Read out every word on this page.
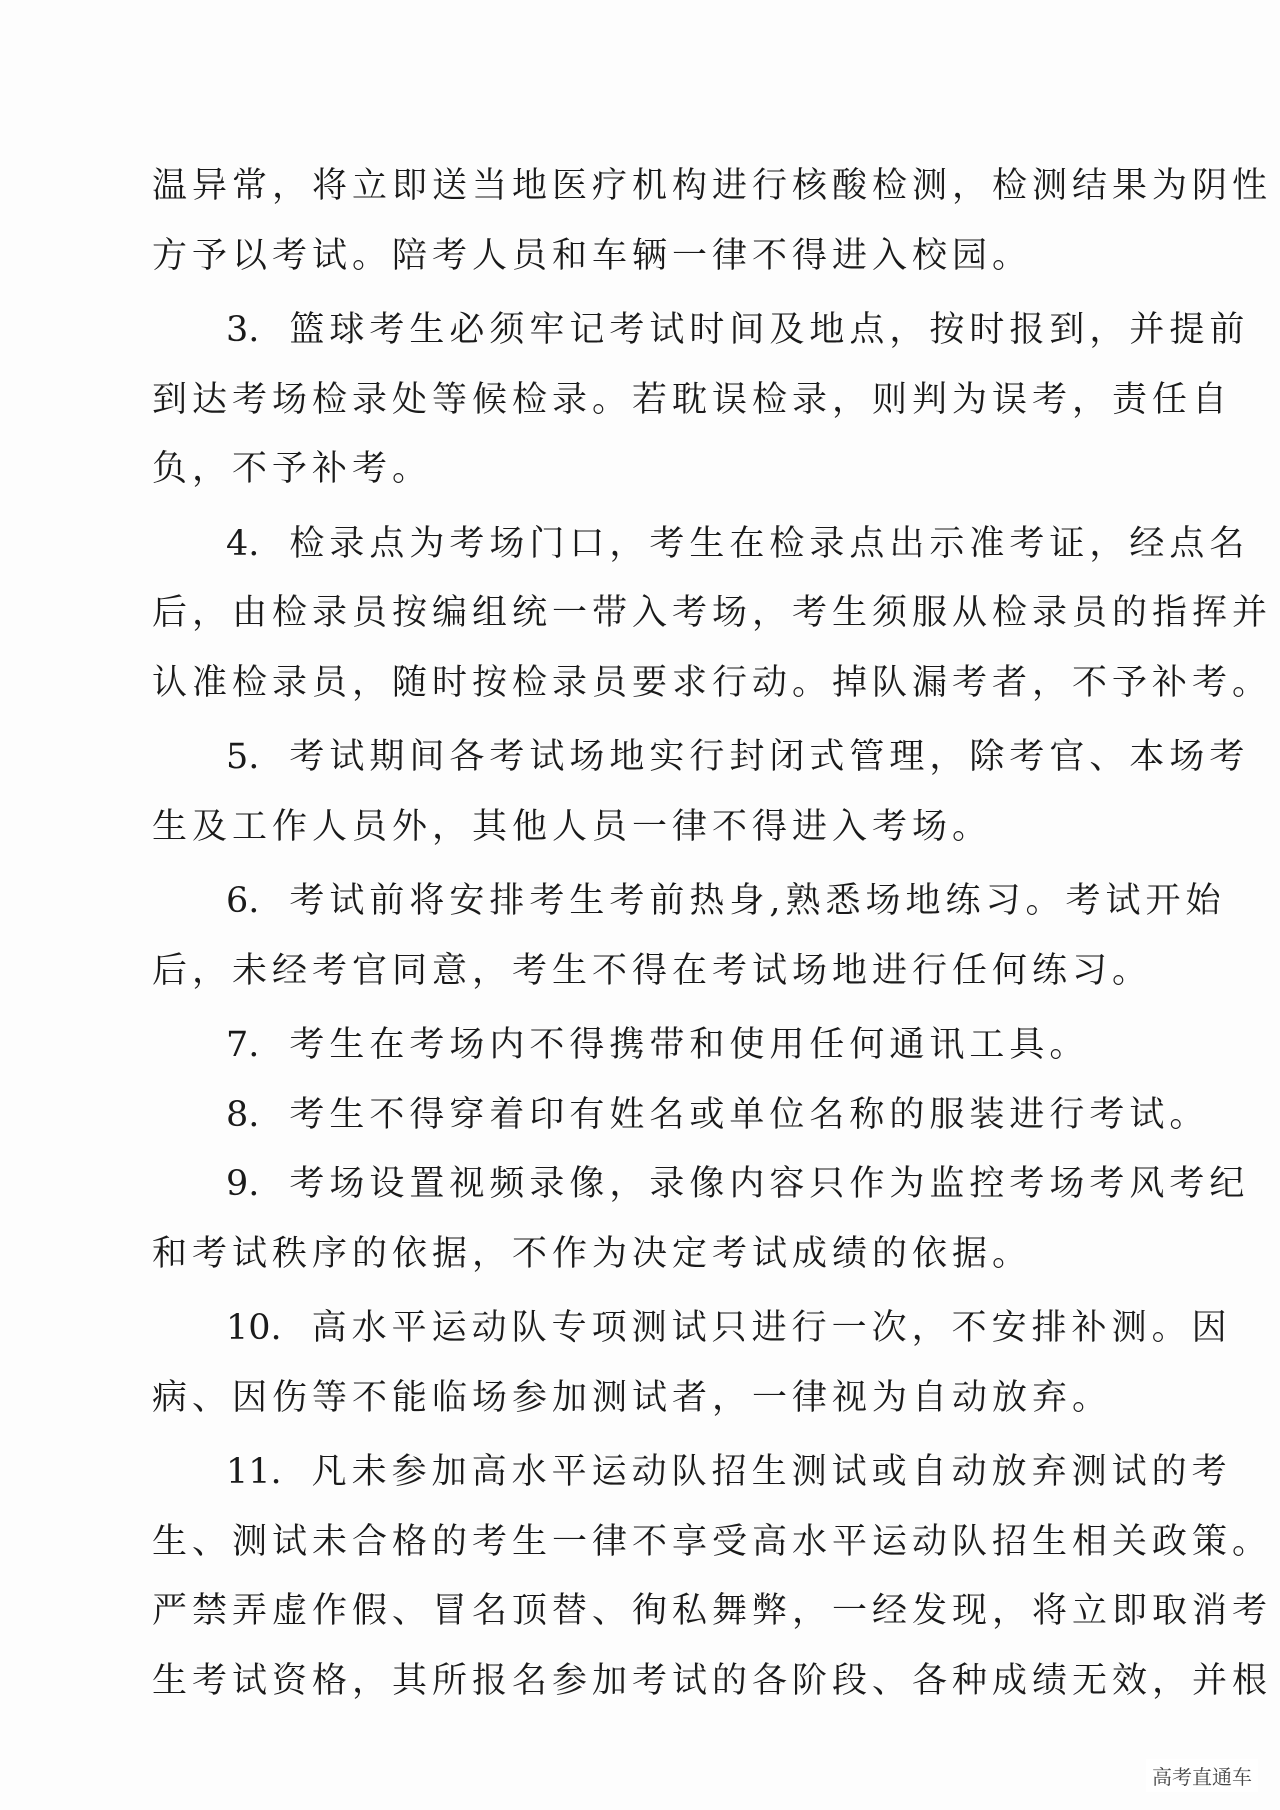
温异常，将立即送当地医疗机构进行核酸检测，检测结果为阴性
方予以考试。陪考人员和车辆一律不得进入校园。
3. 篮球考生必须牢记考试时间及地点，按时报到，并提前
到达考场检录处等候检录。若耽误检录，则判为误考，责任自
负，不予补考。
4. 检录点为考场门口，考生在检录点出示准考证，经点名
后，由检录员按编组统一带入考场，考生须服从检录员的指挥并
认准检录员，随时按检录员要求行动。掉队漏考者，不予补考。
5. 考试期间各考试场地实行封闭式管理，除考官、本场考
生及工作人员外，其他人员一律不得进入考场。
6. 考试前将安排考生考前热身,熟悉场地练习。考试开始
后，未经考官同意，考生不得在考试场地进行任何练习。
7. 考生在考场内不得携带和使用任何通讯工具。
8. 考生不得穿着印有姓名或单位名称的服装进行考试。
9. 考场设置视频录像，录像内容只作为监控考场考风考纪
和考试秩序的依据，不作为决定考试成绩的依据。
10. 高水平运动队专项测试只进行一次，不安排补测。因
病、因伤等不能临场参加测试者，一律视为自动放弃。
11. 凡未参加高水平运动队招生测试或自动放弃测试的考
生、测试未合格的考生一律不享受高水平运动队招生相关政策。
严禁弄虚作假、冒名顶替、徇私舞弊，一经发现，将立即取消考
生考试资格，其所报名参加考试的各阶段、各种成绩无效，并根
高考直通车
